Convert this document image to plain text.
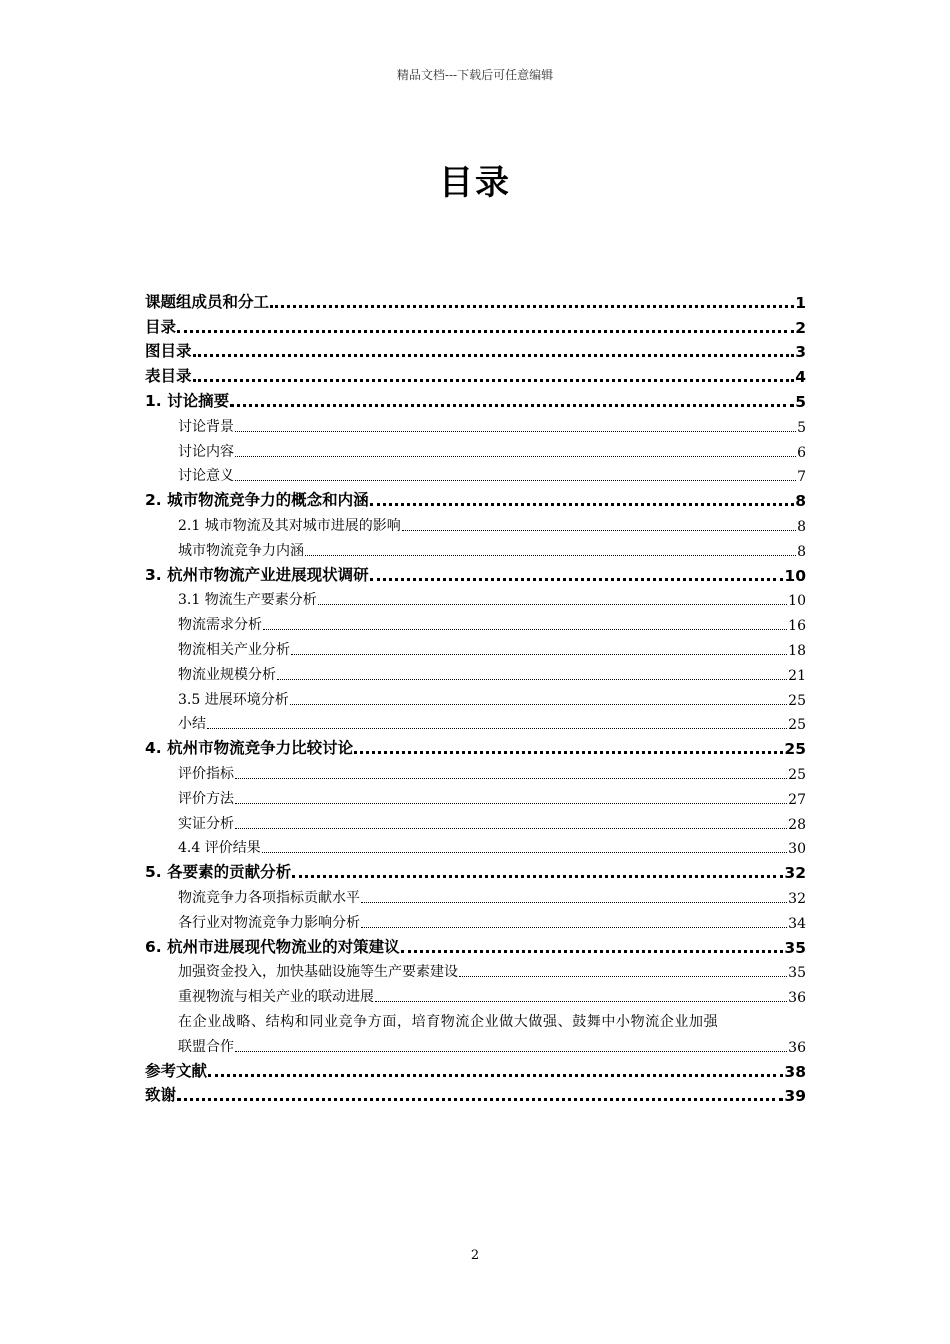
精品文档---下载后可任意编辑
目录
课题组成员和分工	1
目录	2
图目录	3
表目录	4
1. 讨论摘要	5
讨论背景	5
讨论内容	6
讨论意义	7
2. 城市物流竞争力的概念和内涵	8
2.1 城市物流及其对城市进展的影响	8
城市物流竞争力内涵	8
3. 杭州市物流产业进展现状调研	10
3.1 物流生产要素分析	10
物流需求分析	16
物流相关产业分析	18
物流业规模分析	21
3.5 进展环境分析	25
小结	25
4. 杭州市物流竞争力比较讨论	25
评价指标	25
评价方法	27
实证分析	28
4.4 评价结果	30
5. 各要素的贡献分析	32
物流竞争力各项指标贡献水平	32
各行业对物流竞争力影响分析	34
6. 杭州市进展现代物流业的对策建议	35
加强资金投入，加快基础设施等生产要素建设	35
重视物流与相关产业的联动进展	36
在企业战略、结构和同业竞争方面，培育物流企业做大做强、鼓舞中小物流企业加强
联盟合作	36
参考文献	38
致谢	39
2
